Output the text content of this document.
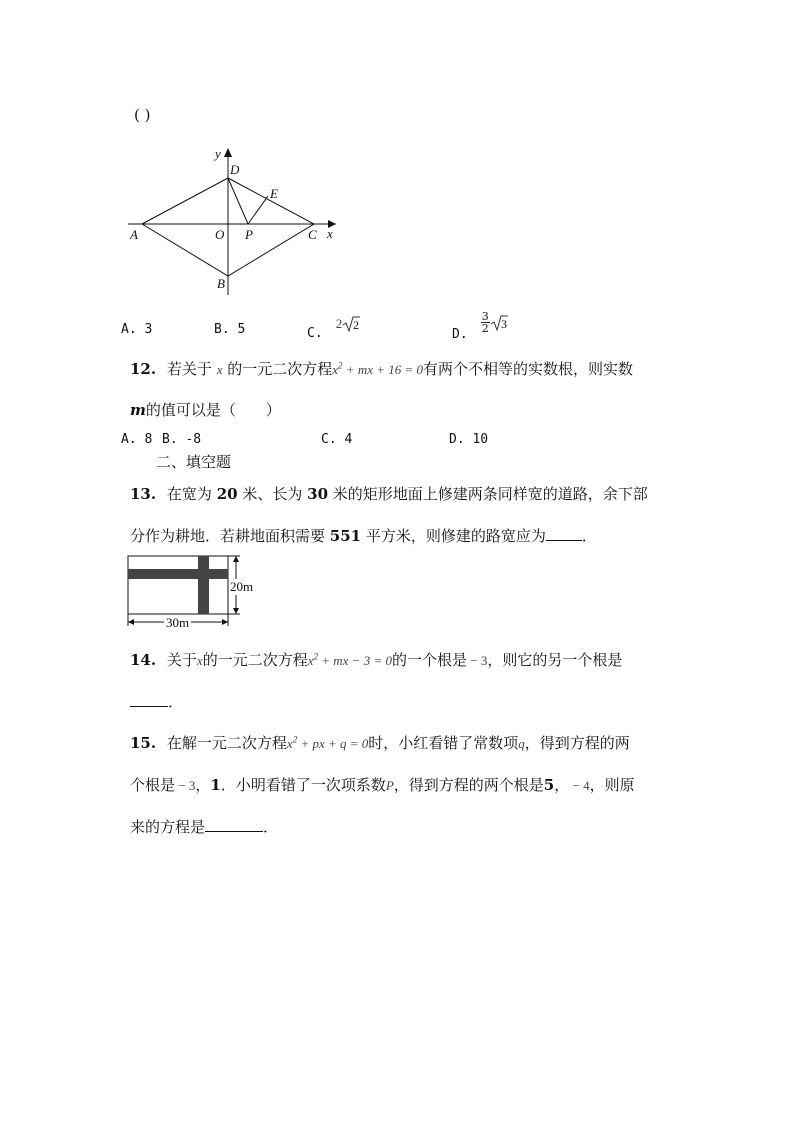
( )
y
D
E
A	O P	C x
B
A. 3	B. 5	$_{C.}$ 2 2
$_{D.}$
$\frac{3}{2} 3$
12. 若关于 x 的一元二次方程$x^2$ + mx + 16 = 0有两个不相等的实数根，则实数
m的值可以是（　　）
A. 8 B. -8	C. 4	D. 10
二、填空题
13. 在宽为 20 米、长为 30 米的矩形地面上修建两条同样宽的道路，余下部
分作为耕地．若耕地面积需要 551 平方米，则修建的路宽应为 ．
20m
30m
14. 关于x的一元二次方程$x^2$ + mx − 3 = 0的一个根是 − 3，则它的另一个根是
．
15. 在解一元二次方程$x^2$ + px + q = 0时，小红看错了常数项q，得到方程的两
个根是 − 3，1．小明看错了一次项系数P，得到方程的两个根是5， − 4，则原
来的方程是	．
